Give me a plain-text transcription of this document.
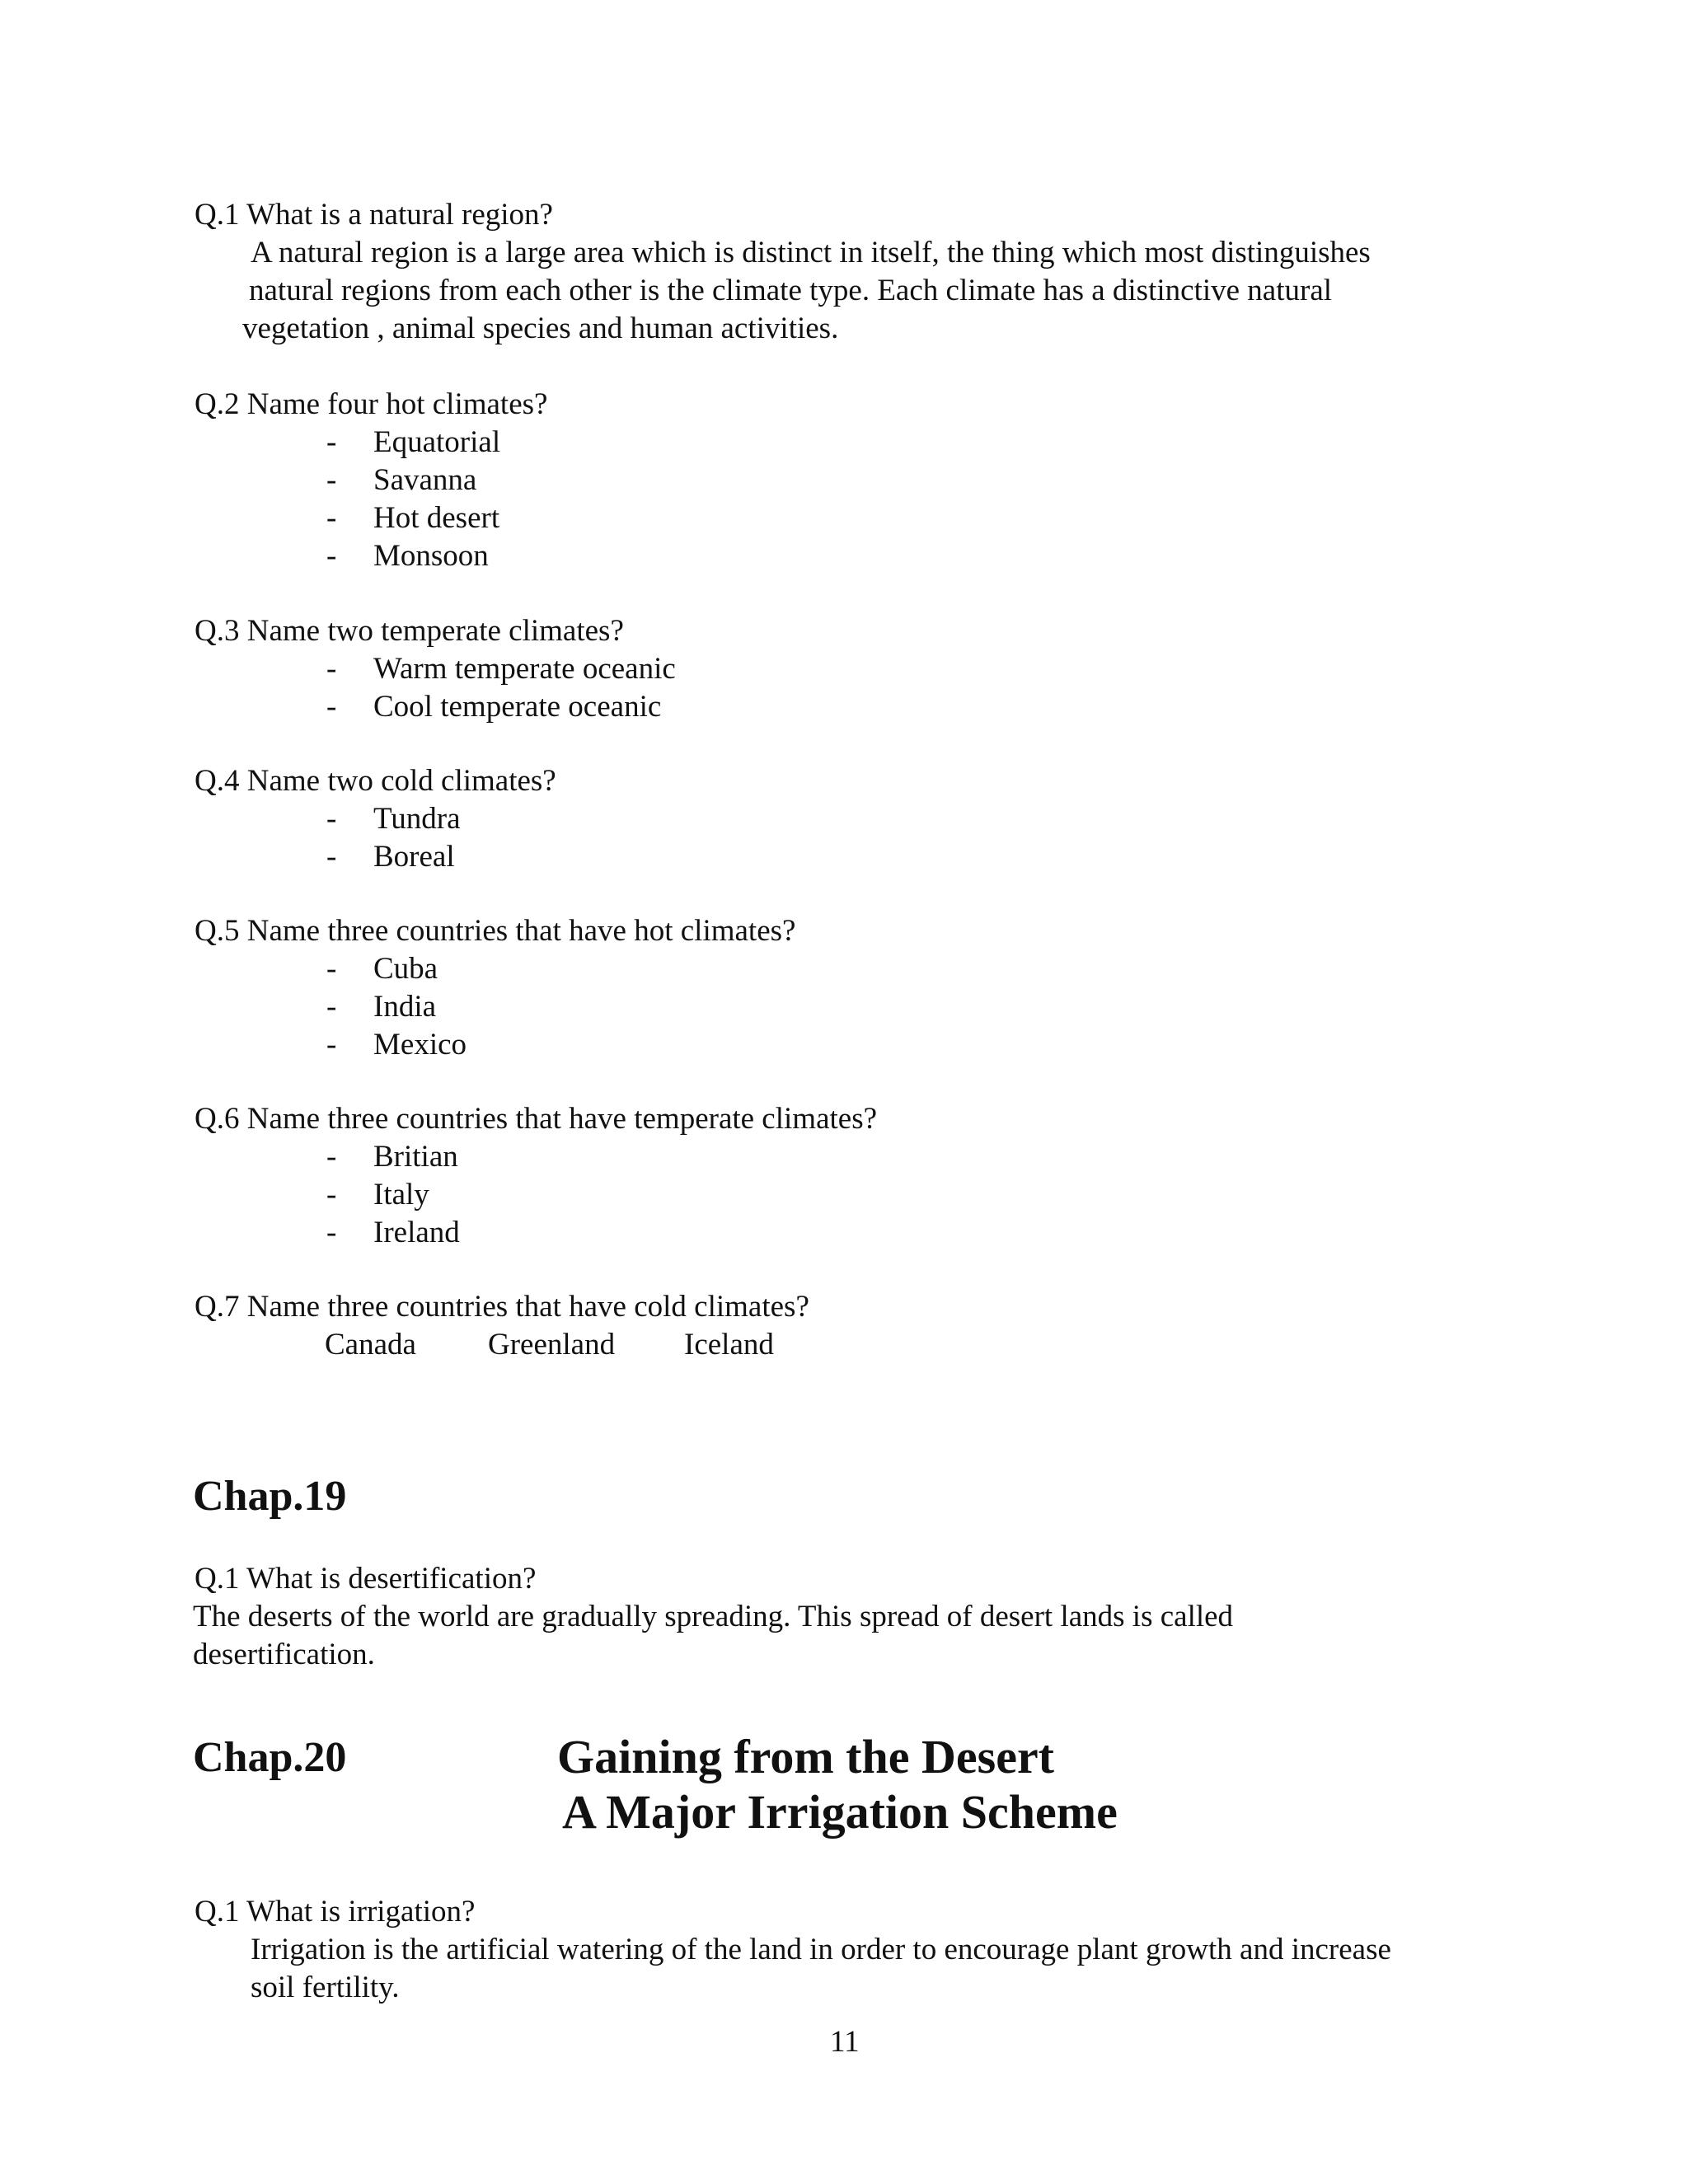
Q.1 What is a natural region?
A natural region is a large area which is distinct in itself, the thing which most distinguishes
natural regions from each other is the climate type. Each climate has a distinctive natural
vegetation , animal species and human activities.
Q.2 Name four hot climates?
- Equatorial
- Savanna
- Hot desert
- Monsoon
Q.3 Name two temperate climates?
- Warm temperate oceanic
- Cool temperate oceanic
Q.4 Name two cold climates?
- Tundra
- Boreal
Q.5 Name three countries that have hot climates?
- Cuba
- India
- Mexico
Q.6 Name three countries that have temperate climates?
- Britian
- Italy
- Ireland
Q.7 Name three countries that have cold climates?
Canada Greenland Iceland
Chap.19
Q.1 What is desertification?
The deserts of the world are gradually spreading. This spread of desert lands is called
desertification.
Chap.20	Gaining from the Desert
A Major Irrigation Scheme
Q.1 What is irrigation?
Irrigation is the artificial watering of the land in order to encourage plant growth and increase
soil fertility.
11
